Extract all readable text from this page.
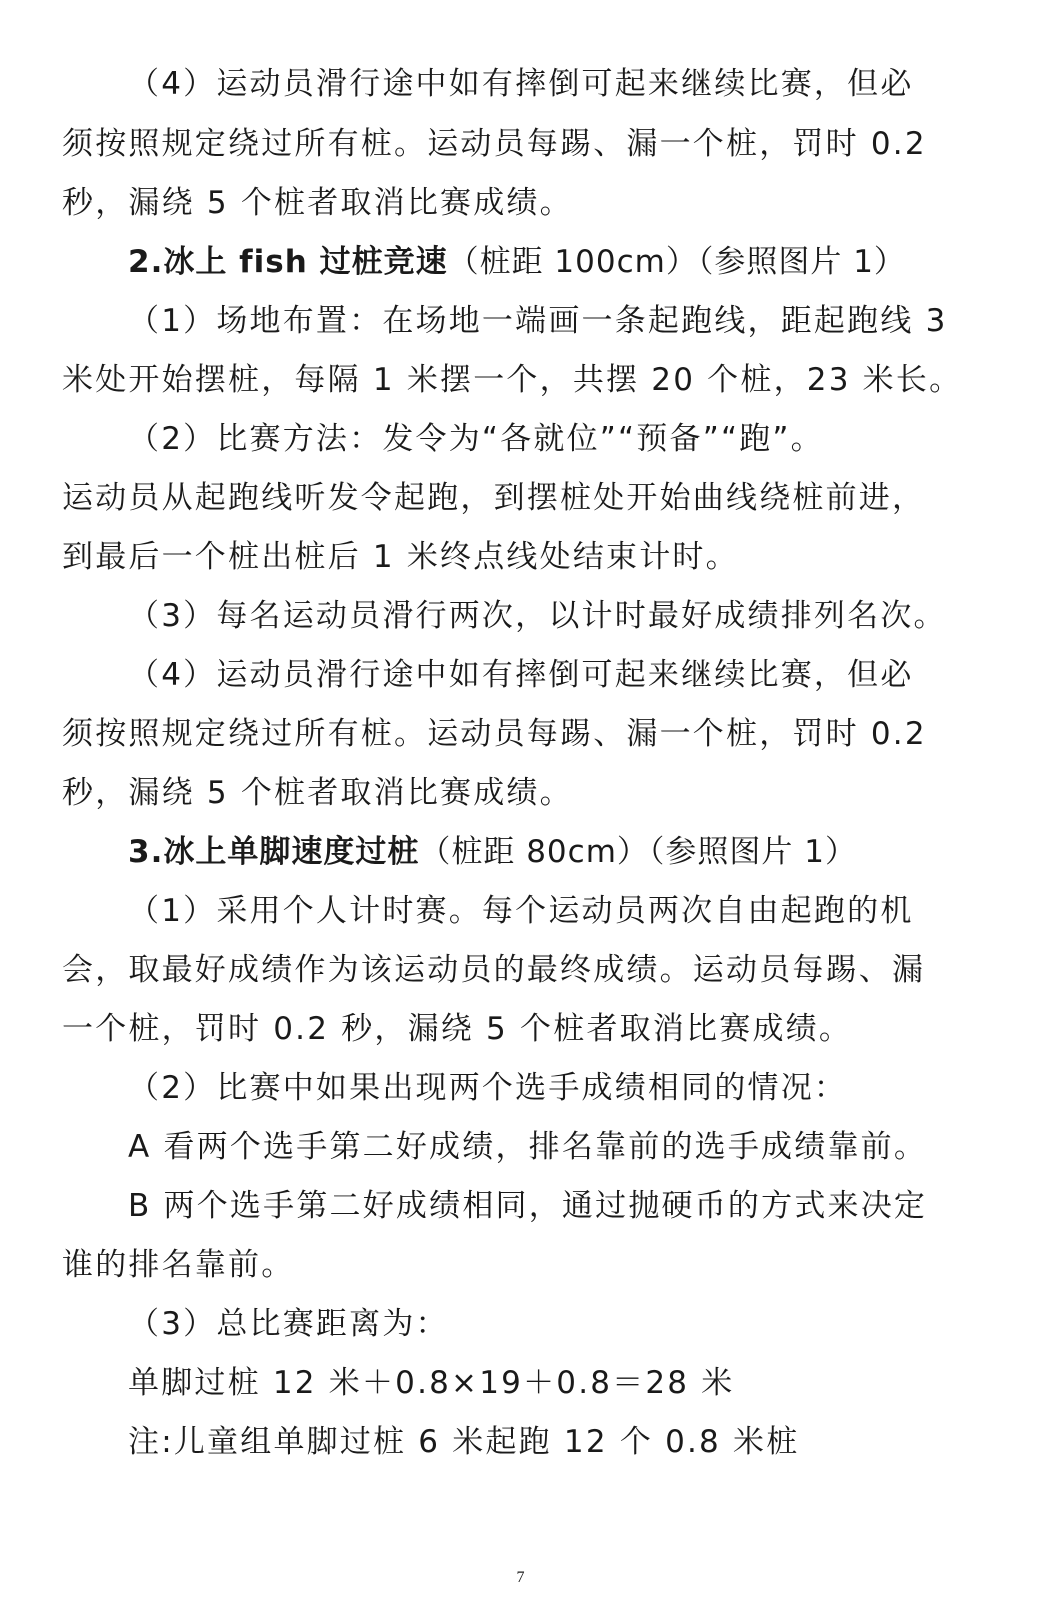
（4）运动员滑行途中如有摔倒可起来继续比赛，但必
须按照规定绕过所有桩。运动员每踢、漏一个桩，罚时 0.2
秒，漏绕 5 个桩者取消比赛成绩。
2.冰上 fish 过桩竞速（桩距 100cm）（参照图片 1）
（1）场地布置：在场地一端画一条起跑线，距起跑线 3
米处开始摆桩，每隔 1 米摆一个，共摆 20 个桩，23 米长。
（2）比赛方法：发令为“各就位”“预备”“跑”。
运动员从起跑线听发令起跑，到摆桩处开始曲线绕桩前进，
到最后一个桩出桩后 1 米终点线处结束计时。
（3）每名运动员滑行两次，以计时最好成绩排列名次。
（4）运动员滑行途中如有摔倒可起来继续比赛，但必
须按照规定绕过所有桩。运动员每踢、漏一个桩，罚时 0.2
秒，漏绕 5 个桩者取消比赛成绩。
3.冰上单脚速度过桩（桩距 80cm）（参照图片 1）
（1）采用个人计时赛。每个运动员两次自由起跑的机
会，取最好成绩作为该运动员的最终成绩。运动员每踢、漏
一个桩，罚时 0.2 秒，漏绕 5 个桩者取消比赛成绩。
（2）比赛中如果出现两个选手成绩相同的情况：
A 看两个选手第二好成绩，排名靠前的选手成绩靠前。
B 两个选手第二好成绩相同，通过抛硬币的方式来决定
谁的排名靠前。
（3）总比赛距离为：
单脚过桩 12 米＋0.8×19＋0.8＝28 米
注:儿童组单脚过桩 6 米起跑 12 个 0.8 米桩
7
